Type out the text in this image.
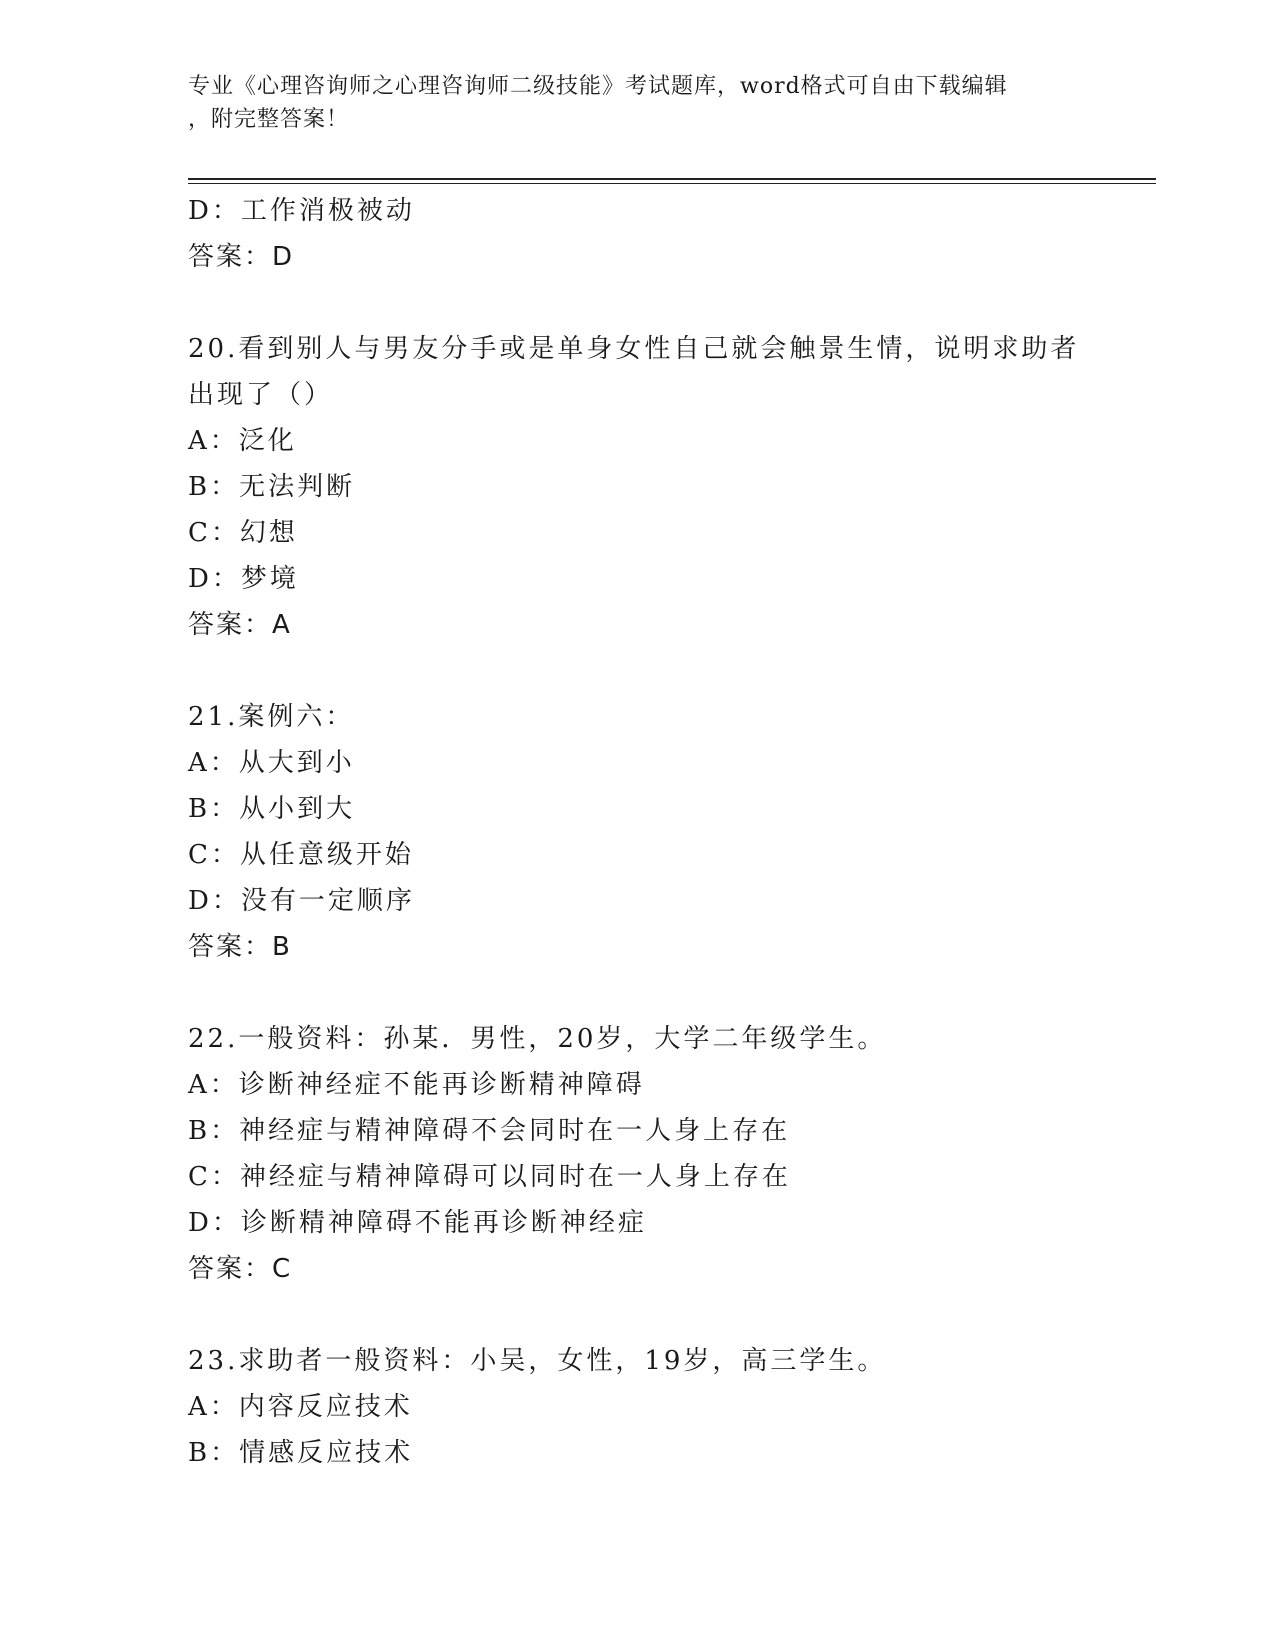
专业《心理咨询师之心理咨询师二级技能》考试题库，word格式可自由下载编辑
，附完整答案！
D：工作消极被动
答案：D
20.看到别人与男友分手或是单身女性自己就会触景生情，说明求助者
出现了（）
A：泛化
B：无法判断
C：幻想
D：梦境
答案：A
21.案例六：
A：从大到小
B：从小到大
C：从任意级开始
D：没有一定顺序
答案：B
22.一般资料：孙某．男性，20岁，大学二年级学生。
A：诊断神经症不能再诊断精神障碍
B：神经症与精神障碍不会同时在一人身上存在
C：神经症与精神障碍可以同时在一人身上存在
D：诊断精神障碍不能再诊断神经症
答案：C
23.求助者一般资料：小吴，女性，19岁，高三学生。
A：内容反应技术
B：情感反应技术
